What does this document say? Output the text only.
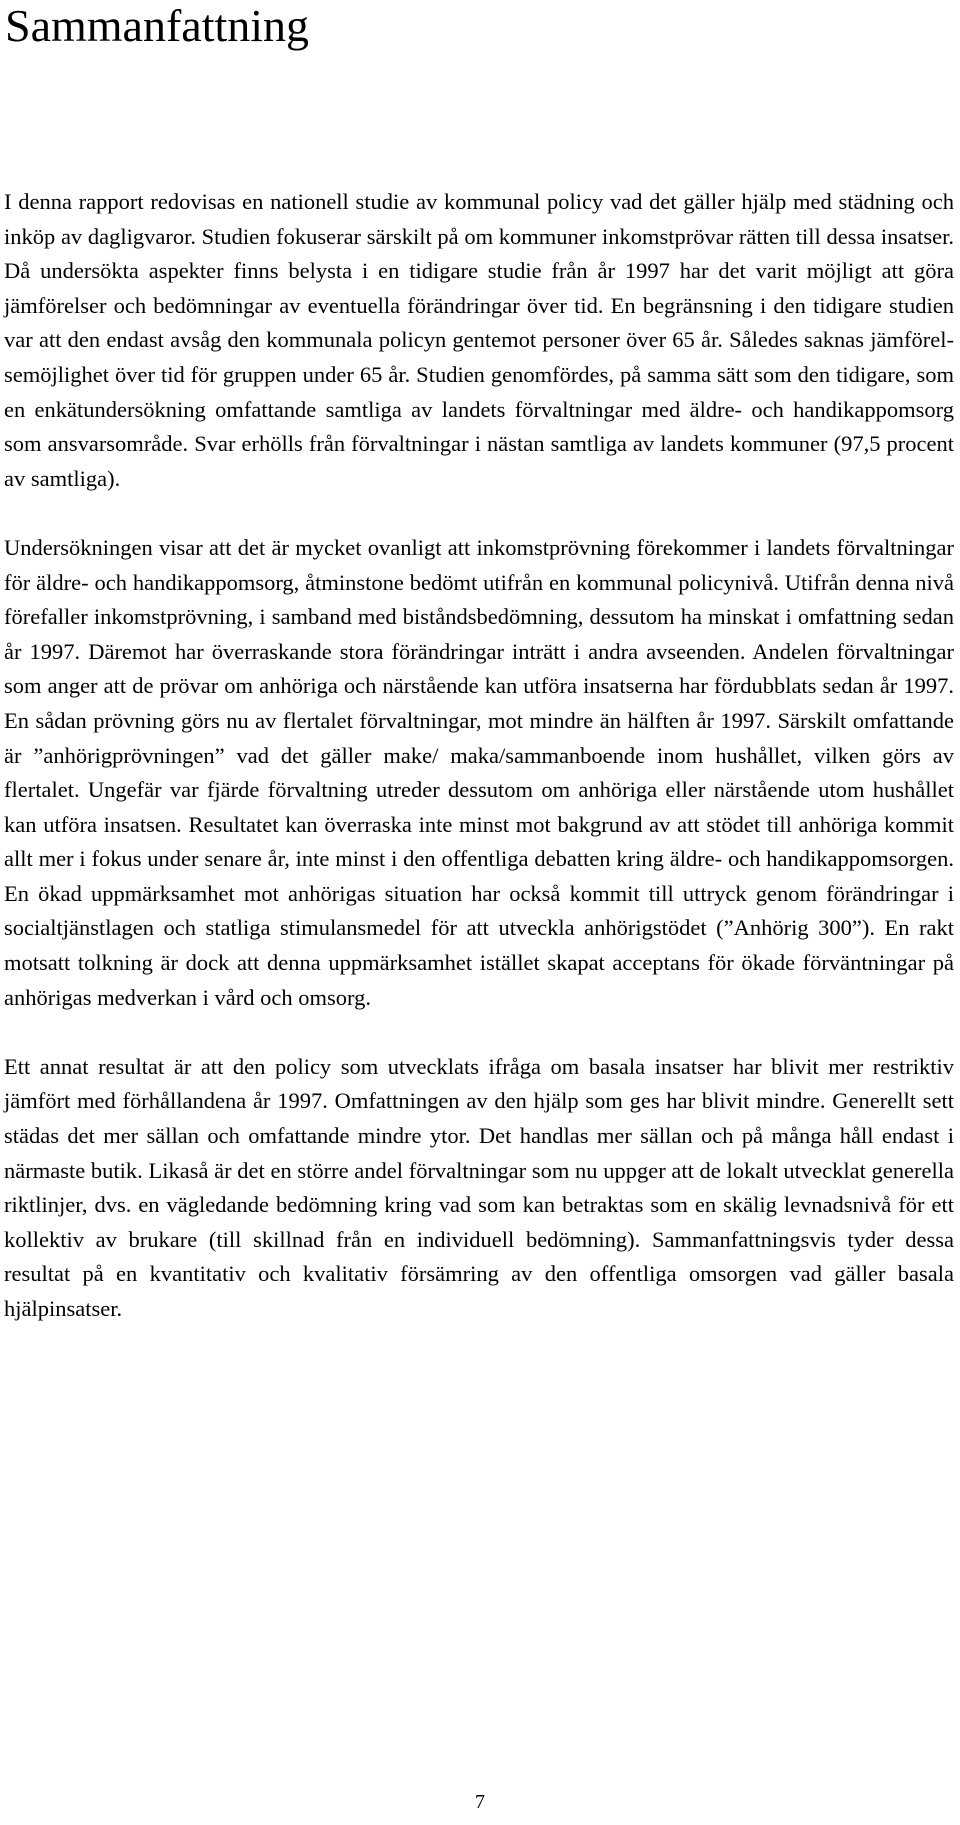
Sammanfattning

I denna rapport redovisas en nationell studie av kommunal policy vad det gäller hjälp med städning och inköp av dagligvaror. Studien fokuserar särskilt på om kommuner inkomstprövar rätten till dessa insatser. Då undersökta aspekter finns belysta i en tidigare studie från år 1997 har det varit möjligt att göra jämförelser och bedömningar av eventuella förändringar över tid. En begränsning i den tidigare studien var att den endast avsåg den kommunala policyn gentemot personer över 65 år. Således saknas jämförelsemöjlighet över tid för gruppen under 65 år. Studien genomfördes, på samma sätt som den tidigare, som en enkätundersökning omfattande samtliga av landets förvaltningar med äldre- och handikappomsorg som ansvarsområde. Svar erhölls från förvaltningar i nästan samtliga av landets kommuner (97,5 procent av samtliga).

Undersökningen visar att det är mycket ovanligt att inkomstprövning förekommer i landets förvaltningar för äldre- och handikappomsorg, åtminstone bedömt utifrån en kommunal policynivå. Utifrån denna nivå förefaller inkomstprövning, i samband med biståndsbedömning, dessutom ha minskat i omfattning sedan år 1997. Däremot har överraskande stora förändringar inträtt i andra avseenden. Andelen förvaltningar som anger att de prövar om anhöriga och närstående kan utföra insatserna har fördubblats sedan år 1997. En sådan prövning görs nu av flertalet förvaltningar, mot mindre än hälften år 1997. Särskilt omfattande är ”anhörigprövningen” vad det gäller make/ maka/sammanboende inom hushållet, vilken görs av flertalet. Ungefär var fjärde förvaltning utreder dessutom om anhöriga eller närstående utom hushållet kan utföra insatsen. Resultatet kan överraska inte minst mot bakgrund av att stödet till anhöriga kommit allt mer i fokus under senare år, inte minst i den offentliga debatten kring äldre- och handikappomsorgen. En ökad uppmärksamhet mot anhörigas situation har också kommit till uttryck genom förändringar i socialtjänstlagen och statliga stimulansmedel för att utveckla anhörigstödet (”Anhörig 300”). En rakt motsatt tolkning är dock att denna uppmärksamhet istället skapat acceptans för ökade förväntningar på anhörigas medverkan i vård och omsorg.

Ett annat resultat är att den policy som utvecklats ifråga om basala insatser har blivit mer restriktiv jämfört med förhållandena år 1997. Omfattningen av den hjälp som ges har blivit mindre. Generellt sett städas det mer sällan och omfattande mindre ytor. Det handlas mer sällan och på många håll endast i närmaste butik. Likaså är det en större andel förvaltningar som nu uppger att de lokalt utvecklat generella riktlinjer, dvs. en vägledande bedömning kring vad som kan betraktas som en skälig levnadsnivå för ett kollektiv av brukare (till skillnad från en individuell bedömning). Sammanfattningsvis tyder dessa resultat på en kvantitativ och kvalitativ försämring av den offentliga omsorgen vad gäller basala hjälpinsatser.

7
